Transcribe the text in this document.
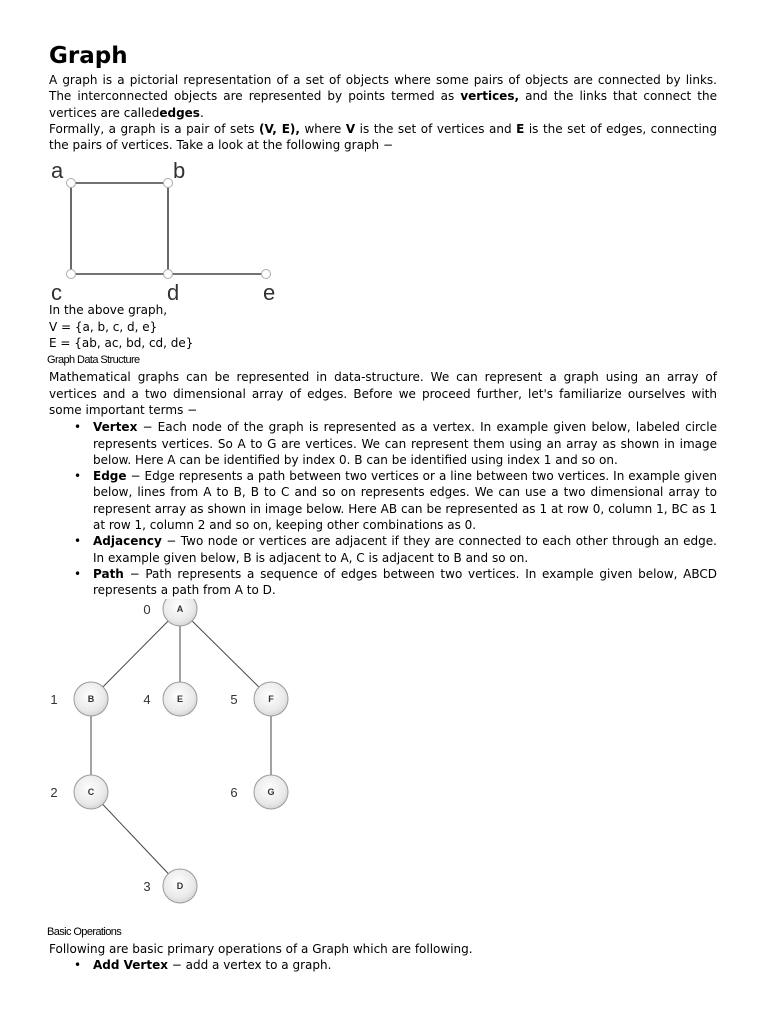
Graph

A graph is a pictorial representation of a set of objects where some pairs of objects are connected by links. The interconnected objects are represented by points termed as vertices, and the links that connect the vertices are callededges.

Formally, a graph is a pair of sets (V, E), where V is the set of vertices and E is the set of edges, connecting the pairs of vertices. Take a look at the following graph −

a	b
c	d	e

In the above graph,

V = {a, b, c, d, e}

E = {ab, ac, bd, cd, de}

Graph Data Structure

Mathematical graphs can be represented in data-structure. We can represent a graph using an array of vertices and a two dimensional array of edges. Before we proceed further, let's familiarize ourselves with some important terms −

• Vertex − Each node of the graph is represented as a vertex. In example given below, labeled circle represents vertices. So A to G are vertices. We can represent them using an array as shown in image below. Here A can be identified by index 0. B can be identified using index 1 and so on.
• Edge − Edge represents a path between two vertices or a line between two vertices. In example given below, lines from A to B, B to C and so on represents edges. We can use a two dimensional array to represent array as shown in image below. Here AB can be represented as 1 at row 0, column 1, BC as 1 at row 1, column 2 and so on, keeping other combinations as 0.
• Adjacency − Two node or vertices are adjacent if they are connected to each other through an edge. In example given below, B is adjacent to A, C is adjacent to B and so on.
• Path − Path represents a sequence of edges between two vertices. In example given below, ABCD represents a path from A to D.
A
B	E	F
C	G
D
0
1	4	5
2	6
3
Basic Operations

Following are basic primary operations of a Graph which are following.

• Add Vertex − add a vertex to a graph.
